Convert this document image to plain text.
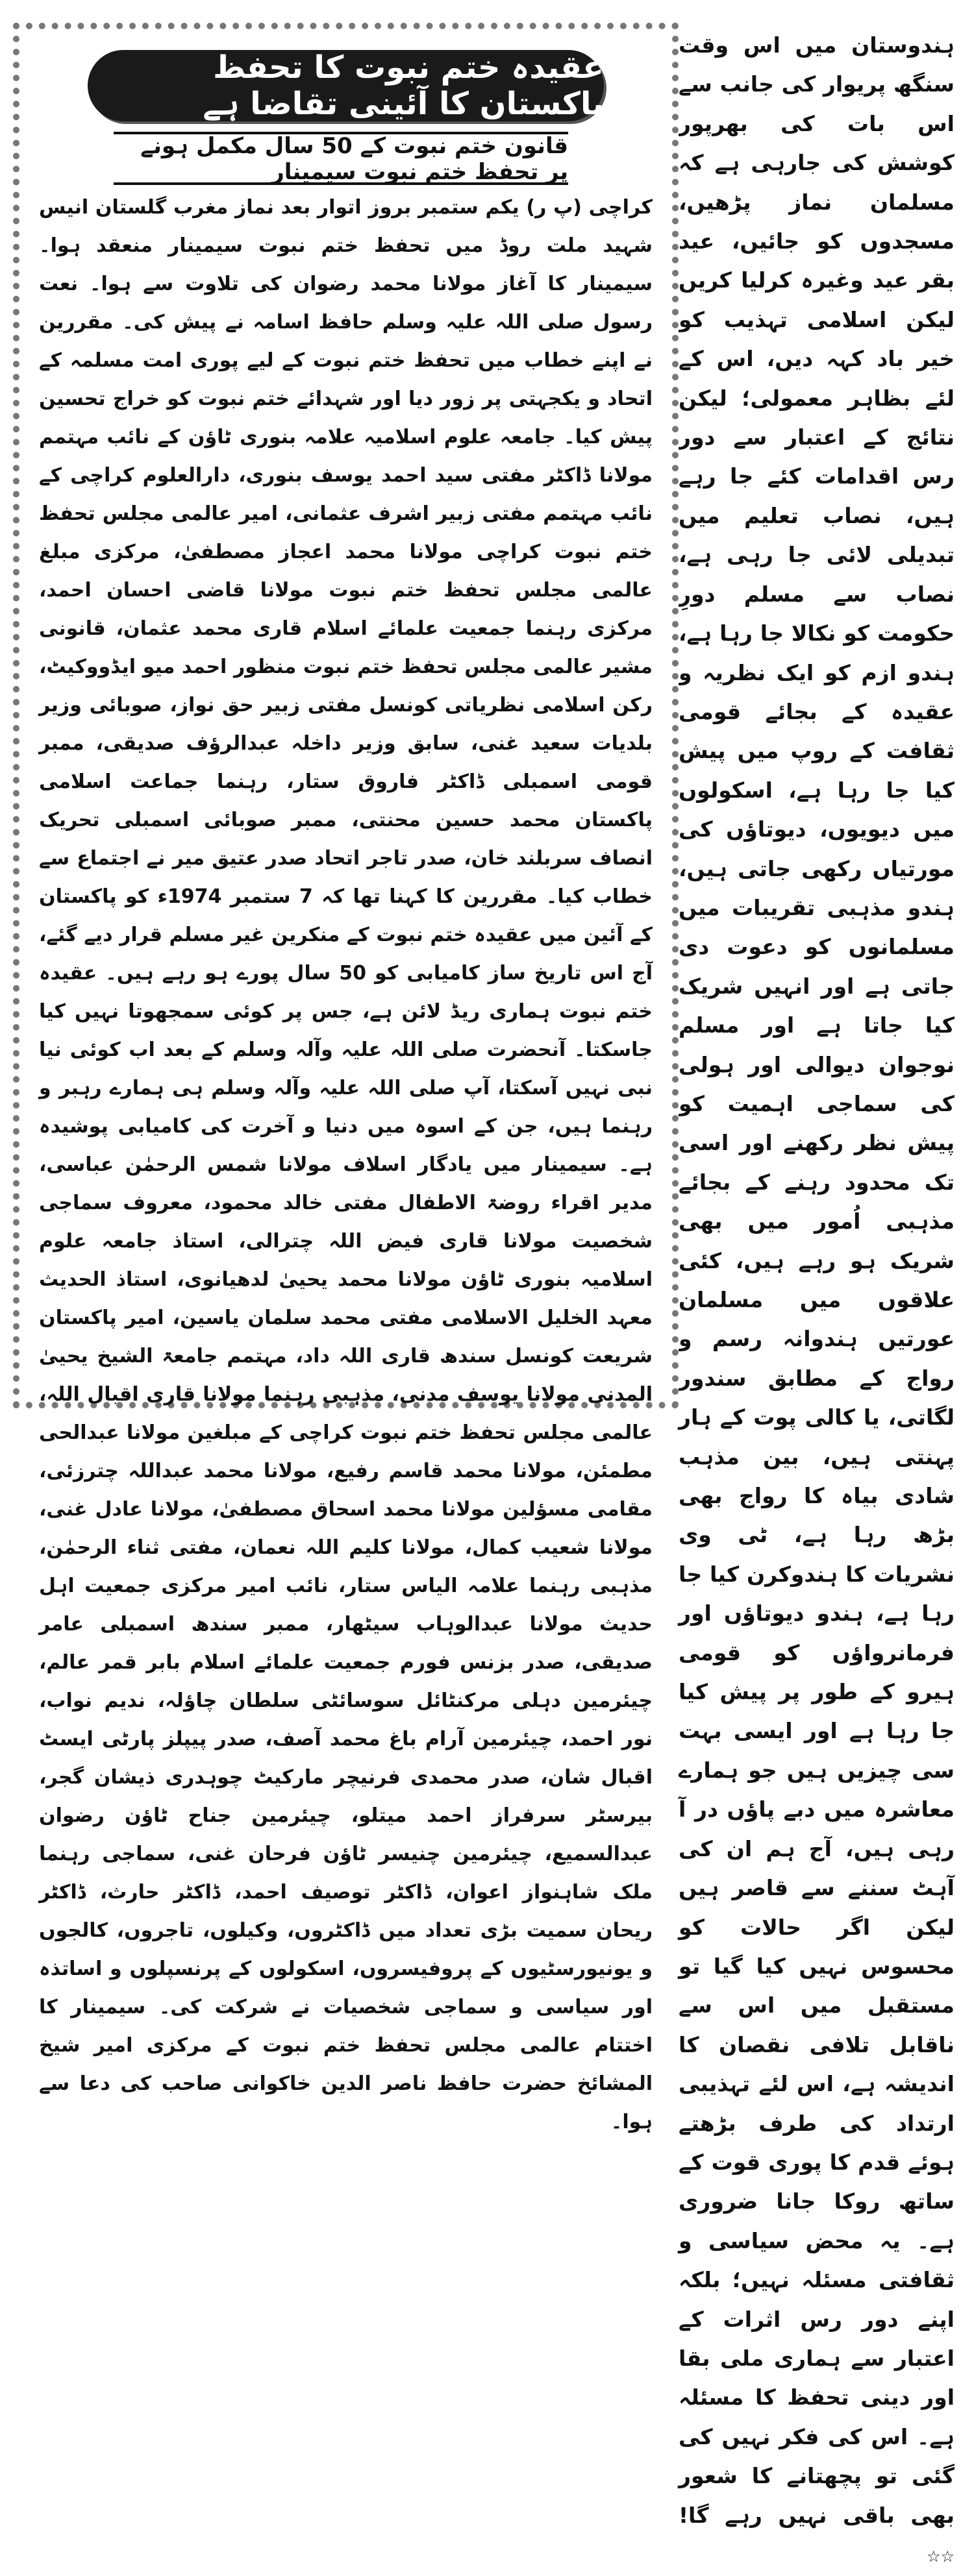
ہندوستان میں اس وقت سنگھ پریوار کی جانب سے اس بات کی بھرپور کوشش کی جارہی ہے کہ مسلمان نماز پڑھیں، مسجدوں کو جائیں، عید بقر عید وغیرہ کرلیا کریں لیکن اسلامی تہذیب کو خیر باد کہہ دیں، اس کے لئے بظاہر معمولی؛ لیکن نتائج کے اعتبار سے دور رس اقدامات کئے جا رہے ہیں، نصاب تعلیم میں تبدیلی لائی جا رہی ہے، نصاب سے مسلم دورِ حکومت کو نکالا جا رہا ہے، ہندو ازم کو ایک نظریہ و عقیدہ کے بجائے قومی ثقافت کے روپ میں پیش کیا جا رہا ہے، اسکولوں میں دیویوں، دیوتاؤں کی مورتیاں رکھی جاتی ہیں، ہندو مذہبی تقریبات میں مسلمانوں کو دعوت دی جاتی ہے اور انہیں شریک کیا جاتا ہے اور مسلم نوجوان دیوالی اور ہولی کی سماجی اہمیت کو پیش نظر رکھنے اور اسی تک محدود رہنے کے بجائے مذہبی اُمور میں بھی شریک ہو رہے ہیں، کئی علاقوں میں مسلمان عورتیں ہندوانہ رسم و رواج کے مطابق سندور لگاتی، یا کالی پوت کے ہار پہنتی ہیں، بین مذہب شادی بیاہ کا رواج بھی بڑھ رہا ہے، ٹی وی نشریات کا ہندوکرن کیا جا رہا ہے، ہندو دیوتاؤں اور فرمانرواؤں کو قومی ہیرو کے طور پر پیش کیا جا رہا ہے اور ایسی بہت سی چیزیں ہیں جو ہمارے معاشرہ میں دبے پاؤں در آ رہی ہیں، آج ہم ان کی آہٹ سننے سے قاصر ہیں لیکن اگر حالات کو محسوس نہیں کیا گیا تو مستقبل میں اس سے ناقابل تلافی نقصان کا اندیشہ ہے، اس لئے تہذیبی ارتداد کی طرف بڑھتے ہوئے قدم کا پوری قوت کے ساتھ روکا جانا ضروری ہے۔ یہ محض سیاسی و ثقافتی مسئلہ نہیں؛ بلکہ اپنے دور رس اثرات کے اعتبار سے ہماری ملی بقا اور دینی تحفظ کا مسئلہ ہے۔ اس کی فکر نہیں کی گئی تو پچھتانے کا شعور بھی باقی نہیں رہے گا! ☆☆
عقیدہ ختم نبوت کا تحفظ پاکستان کا آئینی تقاضا ہے
قانون ختم نبوت کے 50 سال مکمل ہونے پر تحفظ ختم نبوت سیمینار
کراچی (پ ر) یکم ستمبر بروز اتوار بعد نماز مغرب گلستان انیس شہید ملت روڈ میں تحفظ ختم نبوت سیمینار منعقد ہوا۔ سیمینار کا آغاز مولانا محمد رضوان کی تلاوت سے ہوا۔ نعت رسول صلی اللہ علیہ وسلم حافظ اسامہ نے پیش کی۔ مقررین نے اپنے خطاب میں تحفظ ختم نبوت کے لیے پوری امت مسلمہ کے اتحاد و یکجہتی پر زور دیا اور شہدائے ختم نبوت کو خراج تحسین پیش کیا۔ جامعہ علوم اسلامیہ علامہ بنوری ٹاؤن کے نائب مہتمم مولانا ڈاکٹر مفتی سید احمد یوسف بنوری، دارالعلوم کراچی کے نائب مہتمم مفتی زبیر اشرف عثمانی، امیر عالمی مجلس تحفظ ختم نبوت کراچی مولانا محمد اعجاز مصطفیٰ، مرکزی مبلغ عالمی مجلس تحفظ ختم نبوت مولانا قاضی احسان احمد، مرکزی رہنما جمعیت علمائے اسلام قاری محمد عثمان، قانونی مشیر عالمی مجلس تحفظ ختم نبوت منظور احمد میو ایڈووکیٹ، رکن اسلامی نظریاتی کونسل مفتی زبیر حق نواز، صوبائی وزیر بلدیات سعید غنی، سابق وزیر داخلہ عبدالرؤف صدیقی، ممبر قومی اسمبلی ڈاکٹر فاروق ستار، رہنما جماعت اسلامی پاکستان محمد حسین محنتی، ممبر صوبائی اسمبلی تحریک انصاف سربلند خان، صدر تاجر اتحاد صدر عتیق میر نے اجتماع سے خطاب کیا۔ مقررین کا کہنا تھا کہ 7 ستمبر 1974ء کو پاکستان کے آئین میں عقیدہ ختم نبوت کے منکرین غیر مسلم قرار دیے گئے، آج اس تاریخ ساز کامیابی کو 50 سال پورے ہو رہے ہیں۔ عقیدہ ختم نبوت ہماری ریڈ لائن ہے، جس پر کوئی سمجھوتا نہیں کیا جاسکتا۔ آنحضرت صلی اللہ علیہ وآلہ وسلم کے بعد اب کوئی نیا نبی نہیں آسکتا، آپ صلی اللہ علیہ وآلہ وسلم ہی ہمارے رہبر و رہنما ہیں، جن کے اسوہ میں دنیا و آخرت کی کامیابی پوشیدہ ہے۔ سیمینار میں یادگار اسلاف مولانا شمس الرحمٰن عباسی، مدیر اقراء روضۃ الاطفال مفتی خالد محمود، معروف سماجی شخصیت مولانا قاری فیض اللہ چترالی، استاذ جامعہ علوم اسلامیہ بنوری ٹاؤن مولانا محمد یحییٰ لدھیانوی، استاذ الحدیث معہد الخلیل الاسلامی مفتی محمد سلمان یاسین، امیر پاکستان شریعت کونسل سندھ قاری اللہ داد، مہتمم جامعۃ الشیخ یحییٰ المدنی مولانا یوسف مدنی، مذہبی رہنما مولانا قاری اقبال اللہ، عالمی مجلس تحفظ ختم نبوت کراچی کے مبلغین مولانا عبدالحی مطمئن، مولانا محمد قاسم رفیع، مولانا محمد عبداللہ چترزئی، مقامی مسؤلین مولانا محمد اسحاق مصطفیٰ، مولانا عادل غنی، مولانا شعیب کمال، مولانا کلیم اللہ نعمان، مفتی ثناء الرحمٰن، مذہبی رہنما علامہ الیاس ستار، نائب امیر مرکزی جمعیت اہل حدیث مولانا عبدالوہاب سیٹھار، ممبر سندھ اسمبلی عامر صدیقی، صدر بزنس فورم جمعیت علمائے اسلام بابر قمر عالم، چیئرمین دہلی مرکنٹائل سوسائٹی سلطان چاؤلہ، ندیم نواب، نور احمد، چیئرمین آرام باغ محمد آصف، صدر پیپلز پارٹی ایسٹ اقبال شان، صدر محمدی فرنیچر مارکیٹ چوہدری ذیشان گجر، بیرسٹر سرفراز احمد میتلو، چیئرمین جناح ٹاؤن رضوان عبدالسمیع، چیئرمین چنیسر ٹاؤن فرحان غنی، سماجی رہنما ملک شاہنواز اعوان، ڈاکٹر توصیف احمد، ڈاکٹر حارث، ڈاکٹر ریحان سمیت بڑی تعداد میں ڈاکٹروں، وکیلوں، تاجروں، کالجوں و یونیورسٹیوں کے پروفیسروں، اسکولوں کے پرنسپلوں و اساتذہ اور سیاسی و سماجی شخصیات نے شرکت کی۔ سیمینار کا اختتام عالمی مجلس تحفظ ختم نبوت کے مرکزی امیر شیخ المشائخ حضرت حافظ ناصر الدین خاکوانی صاحب کی دعا سے ہوا۔
